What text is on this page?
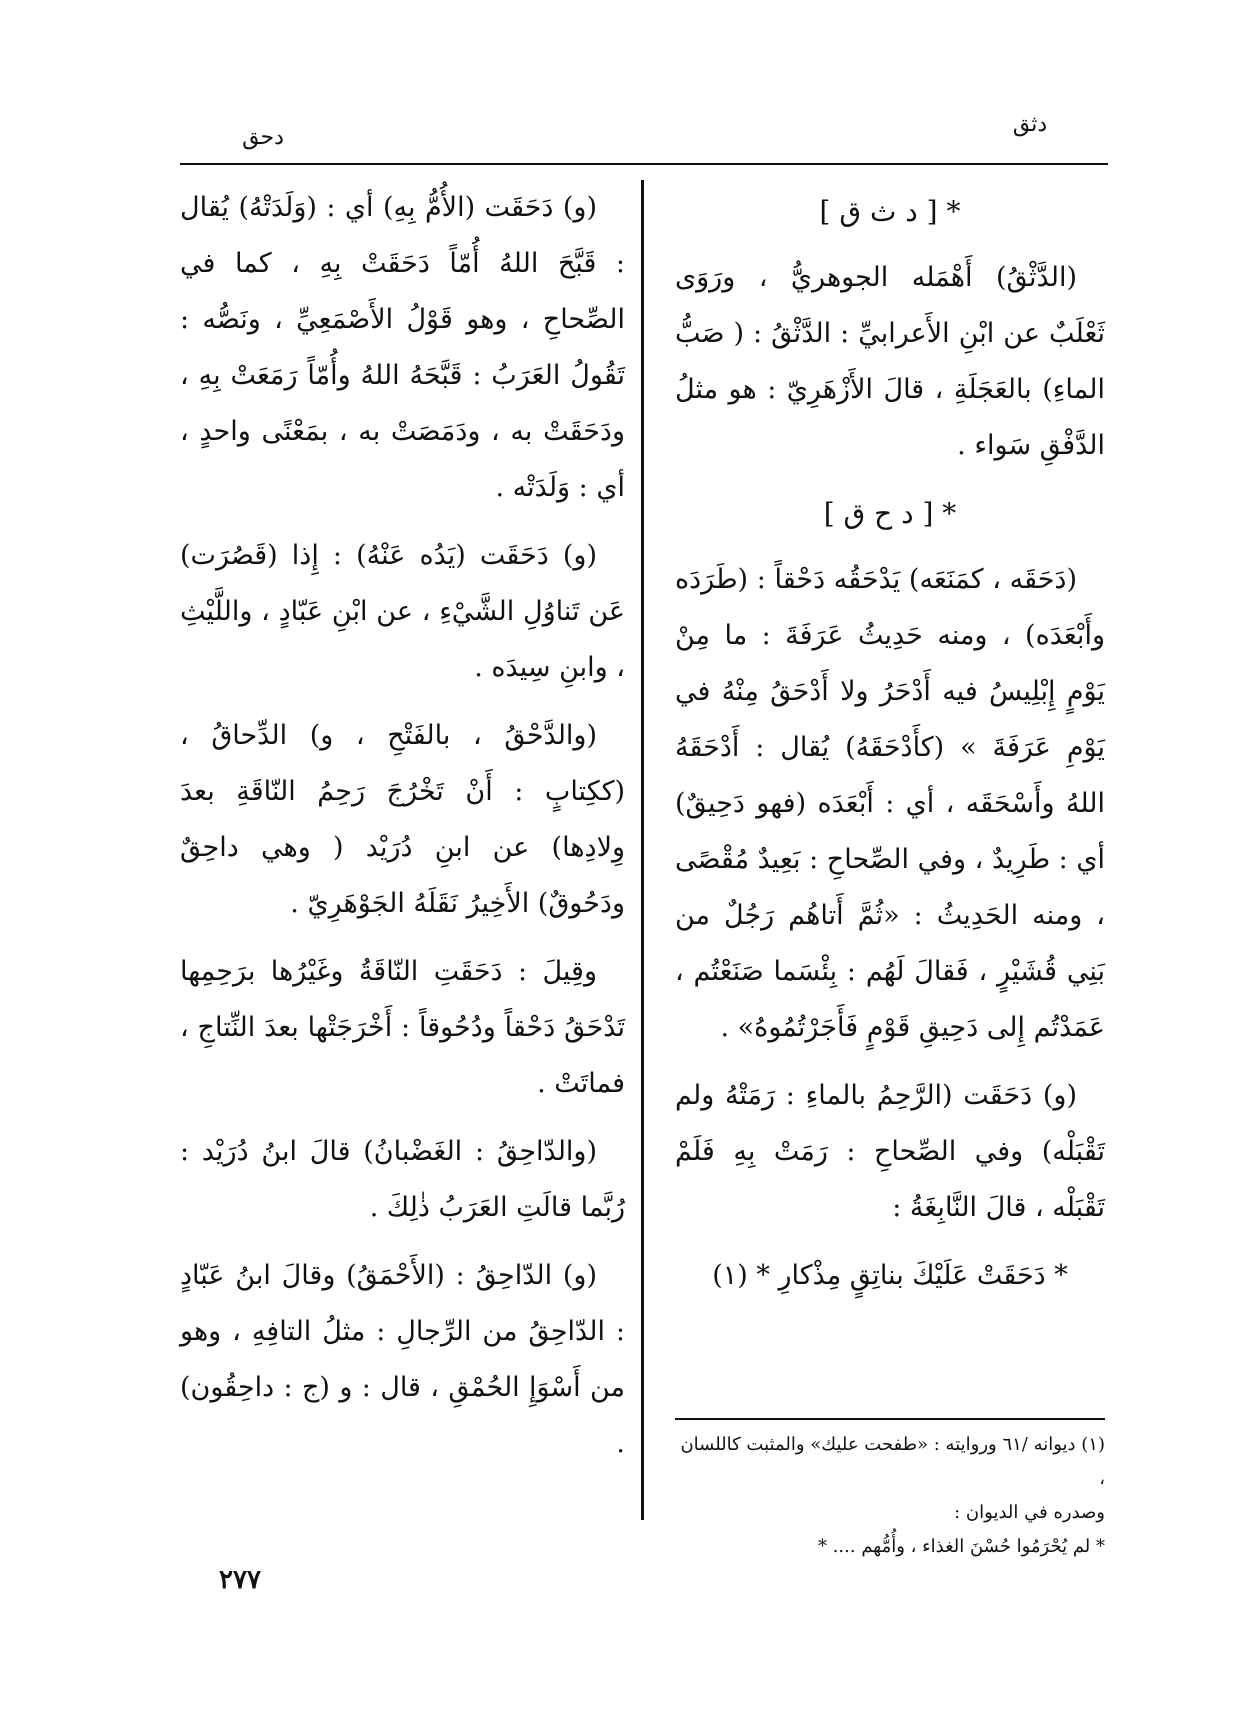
دثق
دحق
* [ د ث ق ]
(الدَّثْقُ) أَهْمَله الجوهريُّ ، ورَوَى ثَعْلَبٌ عن ابْنِ الأَعرابيِّ : الدَّثْقُ : ( صَبُّ الماءِ) بالعَجَلَةِ ، قالَ الأَزْهَرِيّ : هو مثلُ الدَّفْقِ سَواء .
* [ د ح ق ]
(دَحَقَه ، كمَنَعَه) يَدْحَقُه دَحْقاً : (طَرَدَه وأَبْعَدَه) ، ومنه حَدِيثُ عَرَفَةَ : ما مِنْ يَوْمٍ إِبْلِيسُ فيه أَدْحَرُ ولا أَدْحَقُ مِنْهُ في يَوْمِ عَرَفَةَ » (كأَدْحَقَهُ) يُقال : أَدْحَقَهُ اللهُ وأَسْحَقَه ، أي : أَبْعَدَه (فهو دَحِيقٌ) أي : طَرِيدٌ ، وفي الصِّحاحِ : بَعِيدٌ مُقْصًى ، ومنه الحَدِيثُ : «ثُمَّ أَتاهُم رَجُلٌ من بَنِي قُشَيْرٍ ، فَقالَ لَهُم : بِئْسَما صَنَعْتُم ، عَمَدْتُم إِلى دَحِيقِ قَوْمٍ فَأَجَرْتُمُوهُ» .
(و) دَحَقَت (الرَّحِمُ بالماءِ : رَمَتْهُ ولم تَقْبَلْه) وفي الصِّحاحِ : رَمَتْ بِهِ فَلَمْ تَقْبَلْه ، قالَ النَّابِغَةُ :
* دَحَقَتْ عَلَيْكَ بناتِقٍ مِذْكارِ * (١)
(و) دَحَقَت (الأُمُّ بِهِ) أي : (وَلَدَتْهُ) يُقال : قَبَّحَ اللهُ أُمّاً دَحَقَتْ بِهِ ، كما في الصِّحاحِ ، وهو قَوْلُ الأَصْمَعِيِّ ، ونَصُّه : تَقُولُ العَرَبُ : قَبَّحَهُ اللهُ وأُمّاً رَمَعَتْ بِهِ ، ودَحَقَتْ به ، ودَمَصَتْ به ، بمَعْنًى واحدٍ ، أي : وَلَدَتْه .
(و) دَحَقَت (يَدُه عَنْهُ) : إِذا (قَصُرَت) عَن تَناوُلِ الشَّيْءِ ، عن ابْنِ عَبّادٍ ، واللَّيْثِ ، وابنِ سِيدَه .
(والدَّحْقُ ، بالفَتْحِ ، و) الدِّحاقُ ، (ككِتابٍ : أَنْ تَخْرُجَ رَحِمُ النّاقَةِ بعدَ وِلادِها) عن ابنِ دُرَيْد ( وهي داحِقٌ ودَحُوقٌ) الأَخِيرُ نَقَلَهُ الجَوْهَرِيّ .
وقِيلَ : دَحَقَتِ النّاقَةُ وغَيْرُها برَحِمِها تَدْحَقُ دَحْقاً ودُحُوقاً : أَخْرَجَتْها بعدَ النِّتاجِ ، فماتَتْ .
(والدّاحِقُ : الغَضْبانُ) قالَ ابنُ دُرَيْد : رُبَّما قالَتِ العَرَبُ ذٰلِكَ .
(و) الدّاحِقُ : (الأَحْمَقُ) وقالَ ابنُ عَبّادٍ : الدّاحِقُ من الرِّجالِ : مثلُ التافِهِ ، وهو من أَسْوَإِ الحُمْقِ ، قال : و (ج : داحِقُون) .	(١) ديوانه /٦١ وروايته : «طفحت عليك» والمثبت كاللسان ،
وصدره في الديوان :
* لم يُحْرَمُوا حُسْنَ الغذاء ، وأُمُّهم .... *
٢٧٧
